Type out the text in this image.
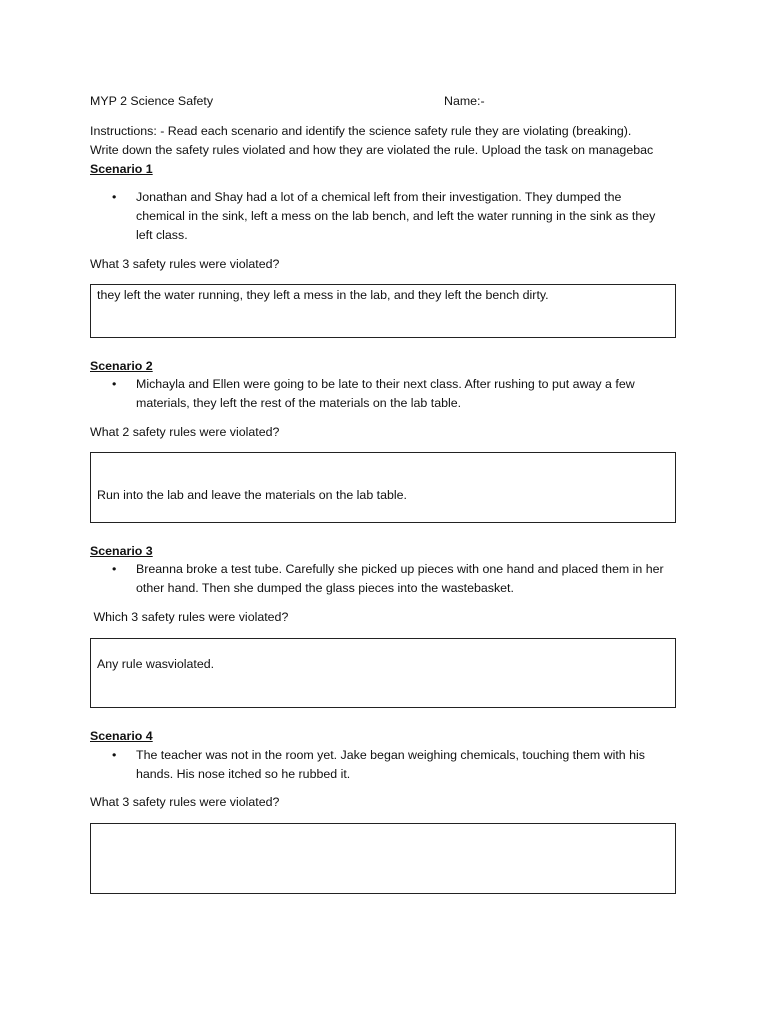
MYP 2 Science Safety	Name:-
Instructions: - Read each scenario and identify the science safety rule they are violating (breaking).
Write down the safety rules violated and how they are violated the rule. Upload the task on managebac
Scenario 1
• Jonathan and Shay had a lot of a chemical left from their investigation. They dumped the
chemical in the sink, left a mess on the lab bench, and left the water running in the sink as they
left class.
What 3 safety rules were violated?
they left the water running, they left a mess in the lab, and they left the bench dirty.
Scenario 2
• Michayla and Ellen were going to be late to their next class. After rushing to put away a few
materials, they left the rest of the materials on the lab table.
What 2 safety rules were violated?
Run into the lab and leave the materials on the lab table.
Scenario 3
• Breanna broke a test tube. Carefully she picked up pieces with one hand and placed them in her
other hand. Then she dumped the glass pieces into the wastebasket.
Which 3 safety rules were violated?
Any rule wasviolated.
Scenario 4
• The teacher was not in the room yet. Jake began weighing chemicals, touching them with his
hands. His nose itched so he rubbed it.
What 3 safety rules were violated?
